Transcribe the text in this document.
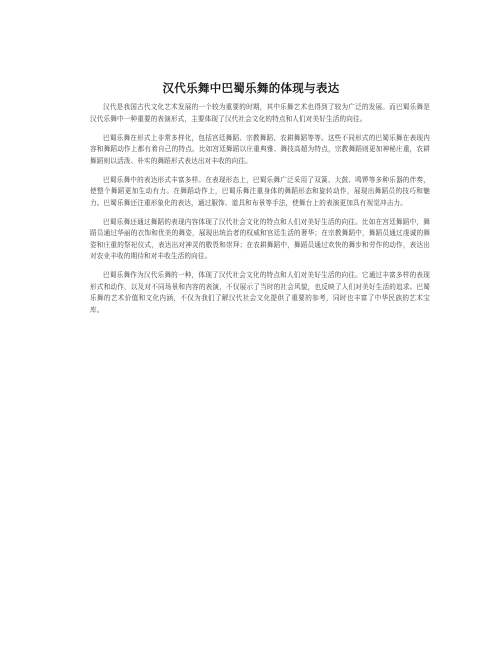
汉代乐舞中巴蜀乐舞的体现与表达

汉代是我国古代文化艺术发展的一个较为重要的时期，其中乐舞艺术也得到了较为广泛的发展。而巴蜀乐舞是汉代乐舞中一种重要的表演形式，主要体现了汉代社会文化的特点和人们对美好生活的向往。

巴蜀乐舞在形式上非常多样化，包括宫廷舞蹈、宗教舞蹈、农耕舞蹈等等。这些不同形式的巴蜀乐舞在表现内容和舞蹈动作上都有着自己的特点。比如宫廷舞蹈以庄重典雅、舞技高超为特点，宗教舞蹈则更加神秘庄重，农耕舞蹈则以活泼、朴实的舞蹈形式表达出对丰收的向往。

巴蜀乐舞中的表达形式丰富多样。在表现形态上，巴蜀乐舞广泛采用了双簧、大鼓、鸣锣等多种乐器的伴奏，使整个舞蹈更加生动有力。在舞蹈动作上，巴蜀乐舞注重身体的舞蹈形态和旋转动作，展现出舞蹈员的技巧和魅力。巴蜀乐舞还注重形象化的表达，通过服饰、道具和布景等手法，使舞台上的表演更加具有视觉冲击力。

巴蜀乐舞还通过舞蹈的表现内容体现了汉代社会文化的特点和人们对美好生活的向往。比如在宫廷舞蹈中，舞蹈员通过华丽的衣饰和优美的舞姿，展现出统治者的权威和宫廷生活的奢华；在宗教舞蹈中，舞蹈员通过虔诚的舞姿和庄重的祭祀仪式，表达出对神灵的敬畏和崇拜；在农耕舞蹈中，舞蹈员通过欢快的舞步和劳作的动作，表达出对农业丰收的期待和对丰收生活的向往。

巴蜀乐舞作为汉代乐舞的一种，体现了汉代社会文化的特点和人们对美好生活的向往。它通过丰富多样的表现形式和动作，以及对不同场景和内容的表演，不仅展示了当时的社会风貌，也反映了人们对美好生活的追求。巴蜀乐舞的艺术价值和文化内涵，不仅为我们了解汉代社会文化提供了重要的参考，同时也丰富了中华民族的艺术宝库。
